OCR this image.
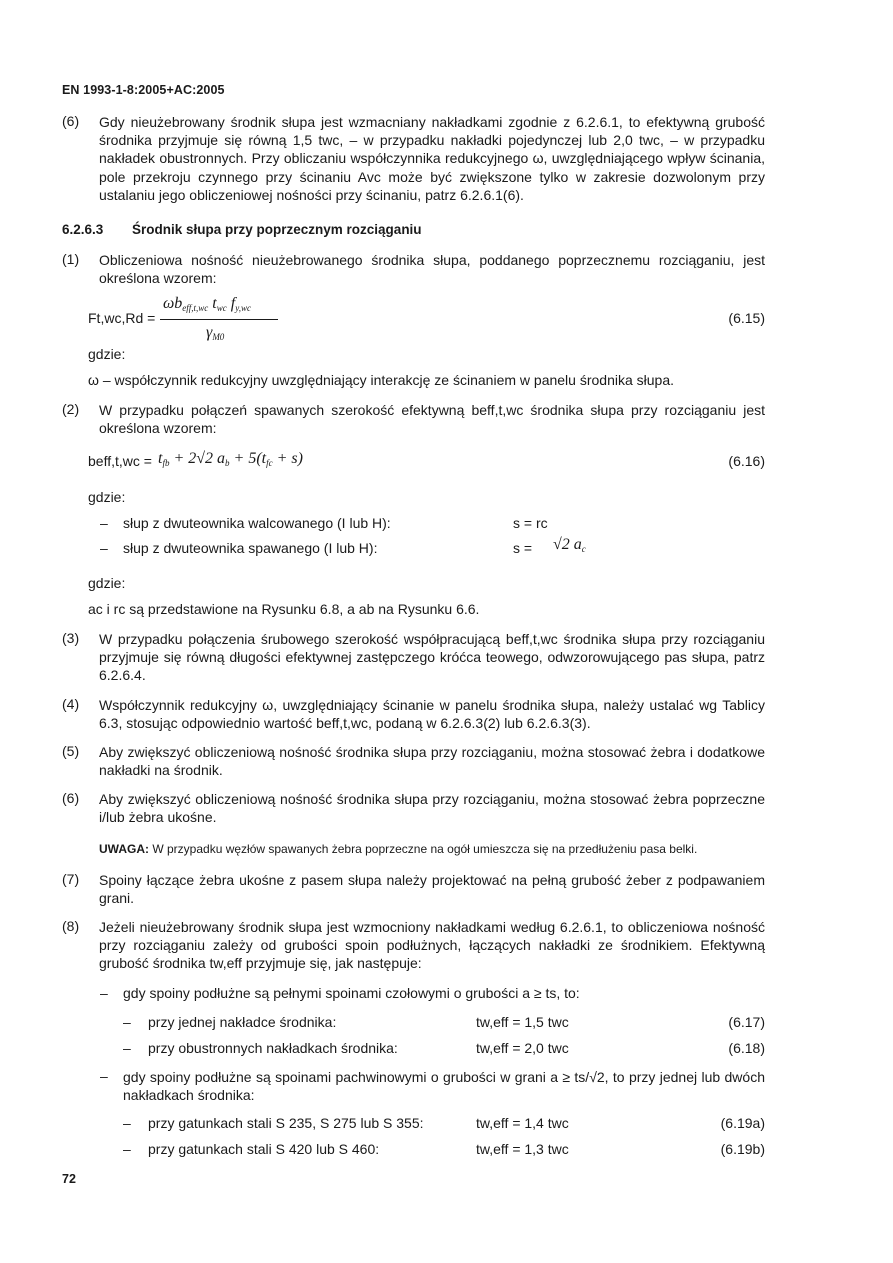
EN 1993-1-8:2005+AC:2005
(6) Gdy nieużebrowany środnik słupa jest wzmacniany nakładkami zgodnie z 6.2.6.1, to efektywną grubość środnika przyjmuje się równą 1,5 twc, – w przypadku nakładki pojedynczej lub 2,0 twc, – w przypadku nakładek obustronnych. Przy obliczaniu współczynnika redukcyjnego ω, uwzględniającego wpływ ścinania, pole przekroju czynnego przy ścinaniu Avc może być zwiększone tylko w zakresie dozwolonym przy ustalaniu jego obliczeniowej nośności przy ścinaniu, patrz 6.2.6.1(6).
6.2.6.3 Środnik słupa przy poprzecznym rozciąganiu
(1) Obliczeniowa nośność nieużebrowanego środnika słupa, poddanego poprzecznemu rozciąganiu, jest określona wzorem:
Ft,wc,Rd =
$\omega b_{eff,t,wc}$ $t_{wc}$ $f_{y,wc}$
$\gamma_{M0}$
(6.15)
gdzie:
ω – współczynnik redukcyjny uwzględniający interakcję ze ścinaniem w panelu środnika słupa.
(2) W przypadku połączeń spawanych szerokość efektywną beff,t,wc środnika słupa przy rozciąganiu jest określona wzorem:
beff,t,wc = $t_{fb} + 2√2$ $a_b + 5(t_{fc} + s)$	(6.16)
gdzie:
– słup z dwuteownika walcowanego (I lub H):	s = rc
– słup z dwuteownika spawanego (I lub H):	s = √2 $a_c$
gdzie:
ac i rc są przedstawione na Rysunku 6.8, a ab na Rysunku 6.6.
(3) W przypadku połączenia śrubowego szerokość współpracującą beff,t,wc środnika słupa przy rozciąganiu przyjmuje się równą długości efektywnej zastępczego króćca teowego, odwzorowującego pas słupa, patrz 6.2.6.4.
(4) Współczynnik redukcyjny ω, uwzględniający ścinanie w panelu środnika słupa, należy ustalać wg Tablicy 6.3, stosując odpowiednio wartość beff,t,wc, podaną w 6.2.6.3(2) lub 6.2.6.3(3).
(5) Aby zwiększyć obliczeniową nośność środnika słupa przy rozciąganiu, można stosować żebra i dodatkowe nakładki na środnik.
(6) Aby zwiększyć obliczeniową nośność środnika słupa przy rozciąganiu, można stosować żebra poprzeczne i/lub żebra ukośne.
UWAGA: W przypadku węzłów spawanych żebra poprzeczne na ogół umieszcza się na przedłużeniu pasa belki.
(7) Spoiny łączące żebra ukośne z pasem słupa należy projektować na pełną grubość żeber z podpawaniem grani.
(8) Jeżeli nieużebrowany środnik słupa jest wzmocniony nakładkami według 6.2.6.1, to obliczeniowa nośność przy rozciąganiu zależy od grubości spoin podłużnych, łączących nakładki ze środnikiem. Efektywną grubość środnika tw,eff przyjmuje się, jak następuje:
– gdy spoiny podłużne są pełnymi spoinami czołowymi o grubości a ≥ ts, to:
– przy jednej nakładce środnika:	tw,eff = 1,5 twc	(6.17)
– przy obustronnych nakładkach środnika:	tw,eff = 2,0 twc	(6.18)
– gdy spoiny podłużne są spoinami pachwinowymi o grubości w grani a ≥ ts/√2, to przy jednej lub dwóch nakładkach środnika:
– przy gatunkach stali S 235, S 275 lub S 355:	tw,eff = 1,4 twc	(6.19a)
– przy gatunkach stali S 420 lub S 460:	tw,eff = 1,3 twc	(6.19b)
72
